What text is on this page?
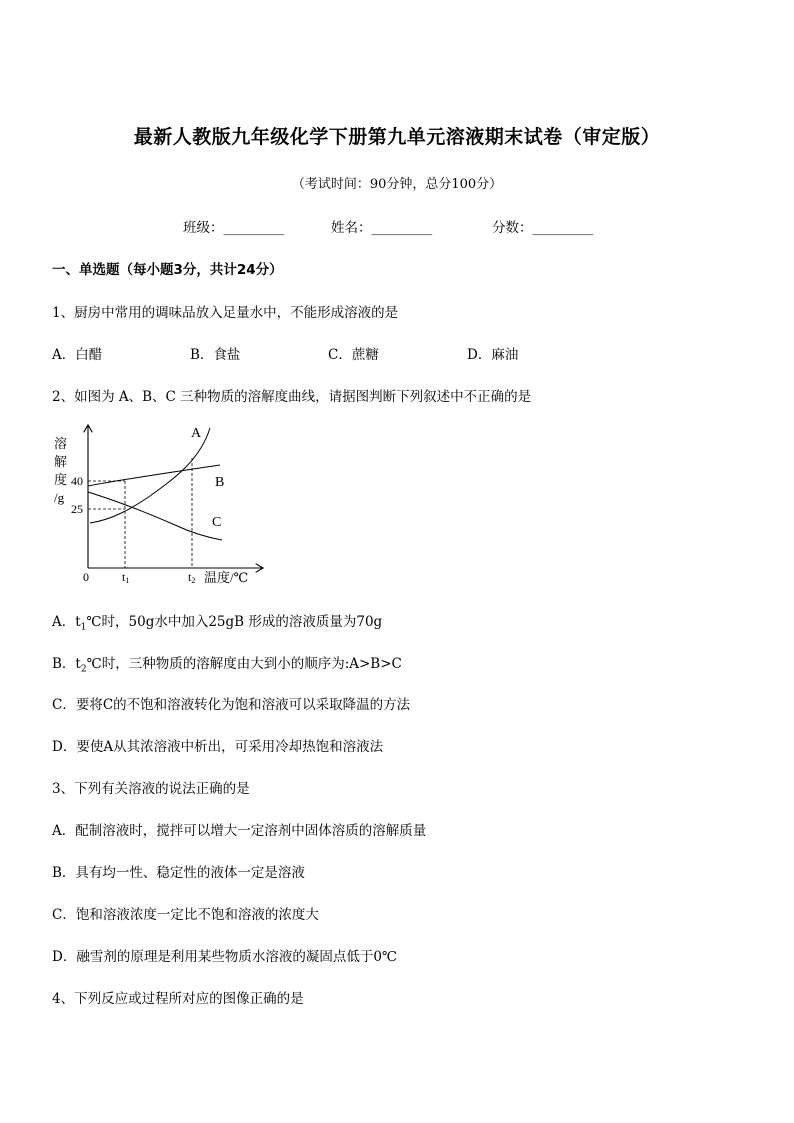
最新人教版九年级化学下册第九单元溶液期末试卷（审定版）
（考试时间：90分钟，总分100分）
班级：_________	姓名：_________	分数：_________
一、单选题（每小题3分，共计24分）
1、厨房中常用的调味品放入足量水中，不能形成溶液的是
A．白醋	B．食盐	C．蔗糖	D．麻油
2、如图为 A、B、C 三种物质的溶解度曲线，请据图判断下列叙述中不正确的是
溶
解
度
/g
40
25
0	t1	t2 温度/℃
A
B
C
A．$t_1℃$时，50g水中加入25gB 形成的溶液质量为70g
B．$t_2℃$时，三种物质的溶解度由大到小的顺序为:A>B>C
C．要将C的不饱和溶液转化为饱和溶液可以采取降温的方法
D．要使A从其浓溶液中析出，可采用冷却热饱和溶液法
3、下列有关溶液的说法正确的是
A．配制溶液时，搅拌可以增大一定溶剂中固体溶质的溶解质量
B．具有均一性、稳定性的液体一定是溶液
C．饱和溶液浓度一定比不饱和溶液的浓度大
D．融雪剂的原理是利用某些物质水溶液的凝固点低于0℃
4、下列反应或过程所对应的图像正确的是
